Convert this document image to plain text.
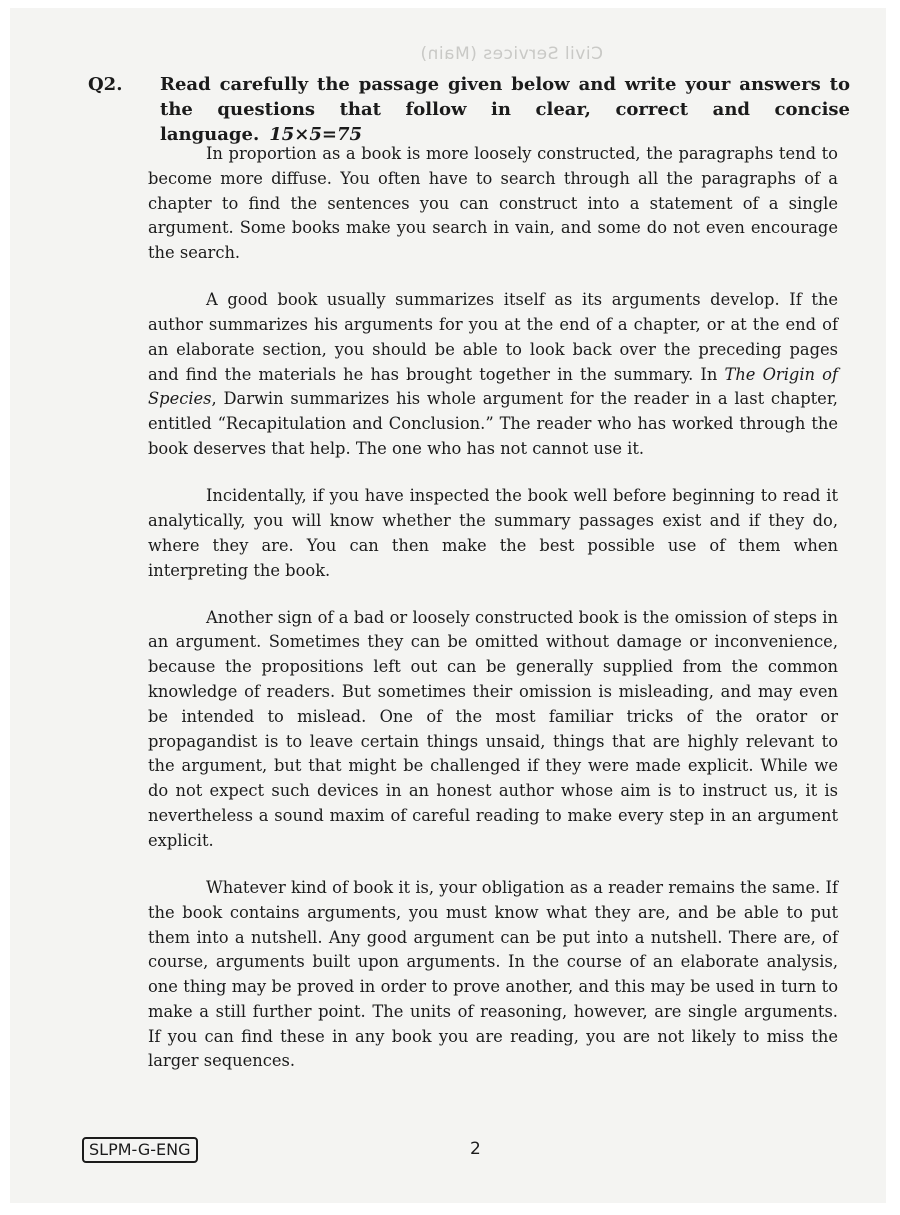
Civil Services (Main)
Q2. Read carefully the passage given below and write your answers to the questions that follow in clear, correct and concise language. 15×5=75

In proportion as a book is more loosely constructed, the paragraphs tend to become more diffuse. You often have to search through all the paragraphs of a chapter to find the sentences you can construct into a statement of a single argument. Some books make you search in vain, and some do not even encourage the search.

A good book usually summarizes itself as its arguments develop. If the author summarizes his arguments for you at the end of a chapter, or at the end of an elaborate section, you should be able to look back over the preceding pages and find the materials he has brought together in the summary. In The Origin of Species, Darwin summarizes his whole argument for the reader in a last chapter, entitled “Recapitulation and Conclusion.” The reader who has worked through the book deserves that help. The one who has not cannot use it.

Incidentally, if you have inspected the book well before beginning to read it analytically, you will know whether the summary passages exist and if they do, where they are. You can then make the best possible use of them when interpreting the book.

Another sign of a bad or loosely constructed book is the omission of steps in an argument. Sometimes they can be omitted without damage or inconvenience, because the propositions left out can be generally supplied from the common knowledge of readers. But sometimes their omission is misleading, and may even be intended to mislead. One of the most familiar tricks of the orator or propagandist is to leave certain things unsaid, things that are highly relevant to the argument, but that might be challenged if they were made explicit. While we do not expect such devices in an honest author whose aim is to instruct us, it is nevertheless a sound maxim of careful reading to make every step in an argument explicit.

Whatever kind of book it is, your obligation as a reader remains the same. If the book contains arguments, you must know what they are, and be able to put them into a nutshell. Any good argument can be put into a nutshell. There are, of course, arguments built upon arguments. In the course of an elaborate analysis, one thing may be proved in order to prove another, and this may be used in turn to make a still further point. The units of reasoning, however, are single arguments. If you can find these in any book you are reading, you are not likely to miss the larger sequences.

SLPM-G-ENG	2
